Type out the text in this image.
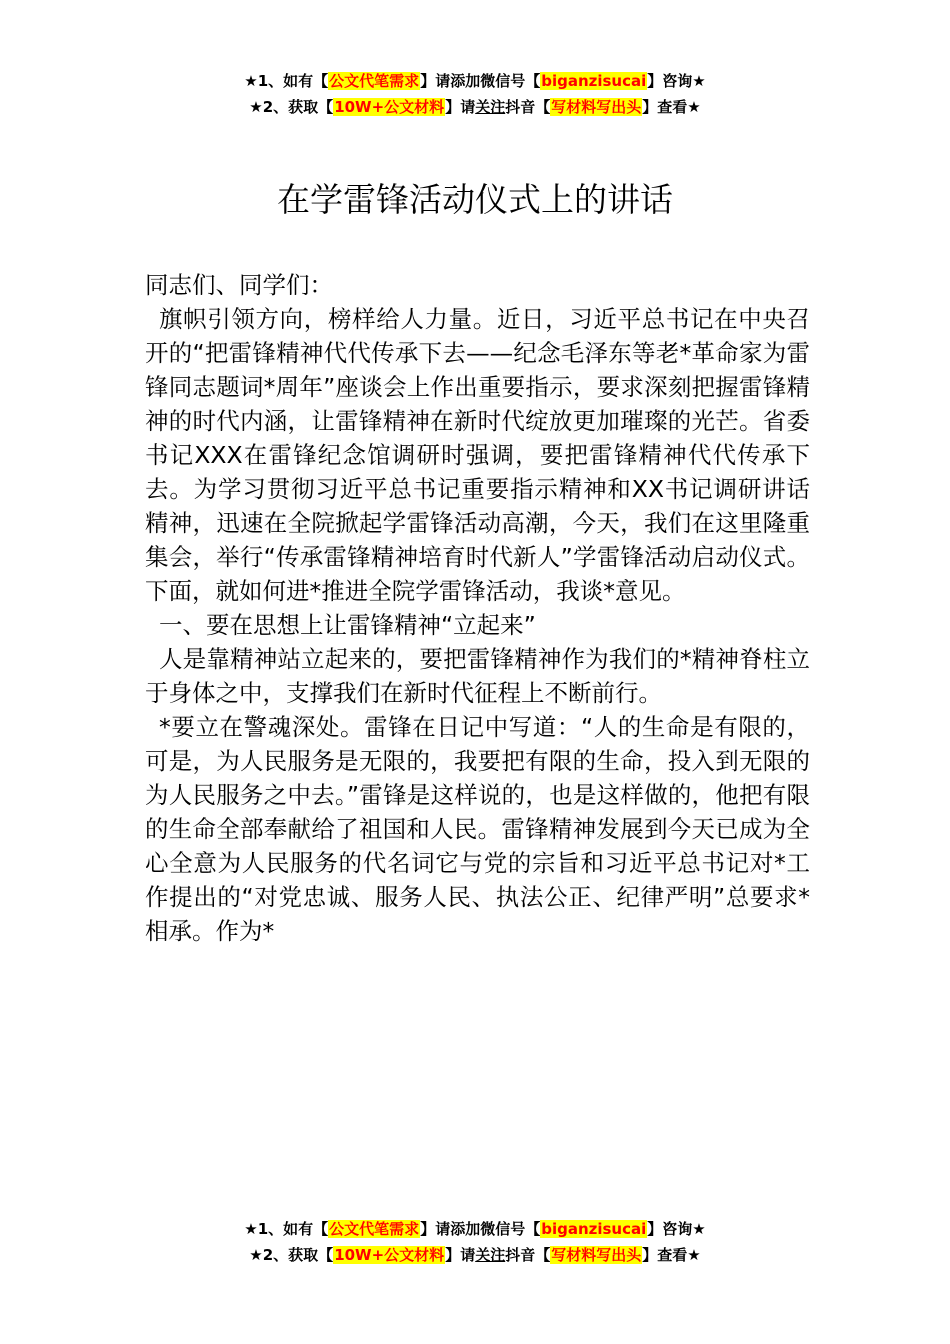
★1、如有【公文代笔需求】请添加微信号【biganzisucai】咨询★
★2、获取【10W+公文材料】请关注抖音【写材料写出头】查看★
在学雷锋活动仪式上的讲话

同志们、同学们：

旗帜引领方向，榜样给人力量。近日，习近平总书记在中央召开的“把雷锋精神代代传承下去——纪念毛泽东等老*革命家为雷锋同志题词*周年”座谈会上作出重要指示，要求深刻把握雷锋精神的时代内涵，让雷锋精神在新时代绽放更加璀璨的光芒。省委书记XXX在雷锋纪念馆调研时强调，要把雷锋精神代代传承下去。为学习贯彻习近平总书记重要指示精神和XX书记调研讲话精神，迅速在全院掀起学雷锋活动高潮，今天，我们在这里隆重集会，举行“传承雷锋精神培育时代新人”学雷锋活动启动仪式。下面，就如何进*推进全院学雷锋活动，我谈*意见。

一、要在思想上让雷锋精神“立起来”

人是靠精神站立起来的，要把雷锋精神作为我们的*精神脊柱立于身体之中，支撑我们在新时代征程上不断前行。

*要立在警魂深处。雷锋在日记中写道：“人的生命是有限的，可是，为人民服务是无限的，我要把有限的生命，投入到无限的为人民服务之中去。”雷锋是这样说的，也是这样做的，他把有限的生命全部奉献给了祖国和人民。雷锋精神发展到今天已成为全心全意为人民服务的代名词它与党的宗旨和习近平总书记对*工作提出的“对党忠诚、服务人民、执法公正、纪律严明”总要求*相承。作为*

★1、如有【公文代笔需求】请添加微信号【biganzisucai】咨询★
★2、获取【10W+公文材料】请关注抖音【写材料写出头】查看★
